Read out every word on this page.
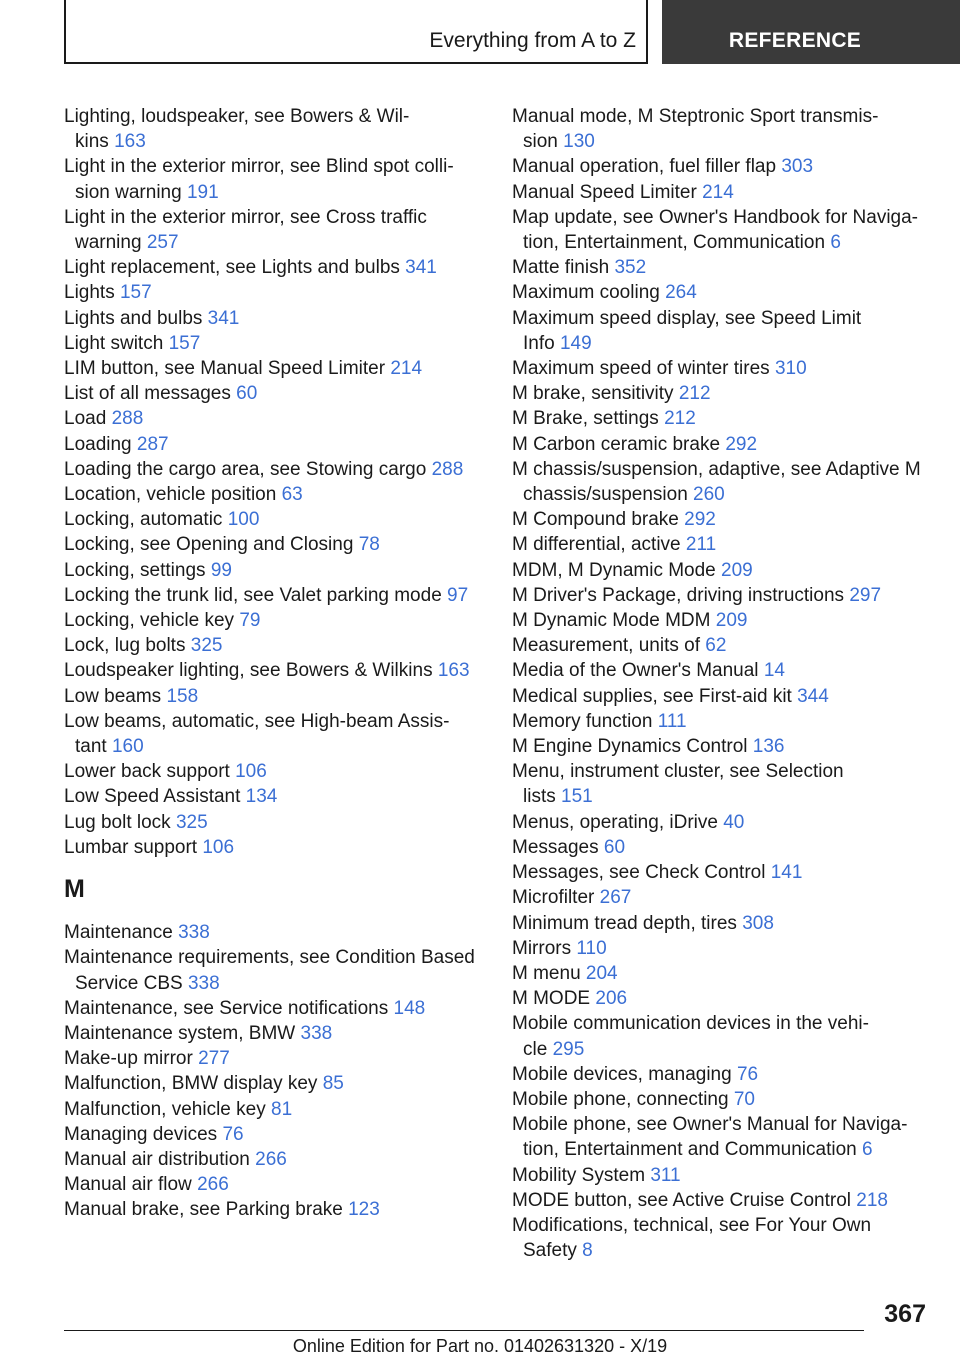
Everything from A to Z	REFERENCE
Lighting, loudspeaker, see Bowers & Wil-
kins 163
Light in the exterior mirror, see Blind spot colli-
sion warning 191
Light in the exterior mirror, see Cross traffic
warning 257
Light replacement, see Lights and bulbs 341
Lights 157
Lights and bulbs 341
Light switch 157
LIM button, see Manual Speed Limiter 214
List of all messages 60
Load 288
Loading 287
Loading the cargo area, see Stowing cargo 288
Location, vehicle position 63
Locking, automatic 100
Locking, see Opening and Closing 78
Locking, settings 99
Locking the trunk lid, see Valet parking mode 97
Locking, vehicle key 79
Lock, lug bolts 325
Loudspeaker lighting, see Bowers & Wilkins 163
Low beams 158
Low beams, automatic, see High-beam Assis-
tant 160
Lower back support 106
Low Speed Assistant 134
Lug bolt lock 325
Lumbar support 106
M
Maintenance 338
Maintenance requirements, see Condition Based
Service CBS 338
Maintenance, see Service notifications 148
Maintenance system, BMW 338
Make-up mirror 277
Malfunction, BMW display key 85
Malfunction, vehicle key 81
Managing devices 76
Manual air distribution 266
Manual air flow 266
Manual brake, see Parking brake 123
Manual mode, M Steptronic Sport transmis-
sion 130
Manual operation, fuel filler flap 303
Manual Speed Limiter 214
Map update, see Owner's Handbook for Naviga-
tion, Entertainment, Communication 6
Matte finish 352
Maximum cooling 264
Maximum speed display, see Speed Limit
Info 149
Maximum speed of winter tires 310
M brake, sensitivity 212
M Brake, settings 212
M Carbon ceramic brake 292
M chassis/suspension, adaptive, see Adaptive M
chassis/suspension 260
M Compound brake 292
M differential, active 211
MDM, M Dynamic Mode 209
M Driver's Package, driving instructions 297
M Dynamic Mode MDM 209
Measurement, units of 62
Media of the Owner's Manual 14
Medical supplies, see First-aid kit 344
Memory function 111
M Engine Dynamics Control 136
Menu, instrument cluster, see Selection
lists 151
Menus, operating, iDrive 40
Messages 60
Messages, see Check Control 141
Microfilter 267
Minimum tread depth, tires 308
Mirrors 110
M menu 204
M MODE 206
Mobile communication devices in the vehi-
cle 295
Mobile devices, managing 76
Mobile phone, connecting 70
Mobile phone, see Owner's Manual for Naviga-
tion, Entertainment and Communication 6
Mobility System 311
MODE button, see Active Cruise Control 218
Modifications, technical, see For Your Own
Safety 8
367
Online Edition for Part no. 01402631320 - X/19
